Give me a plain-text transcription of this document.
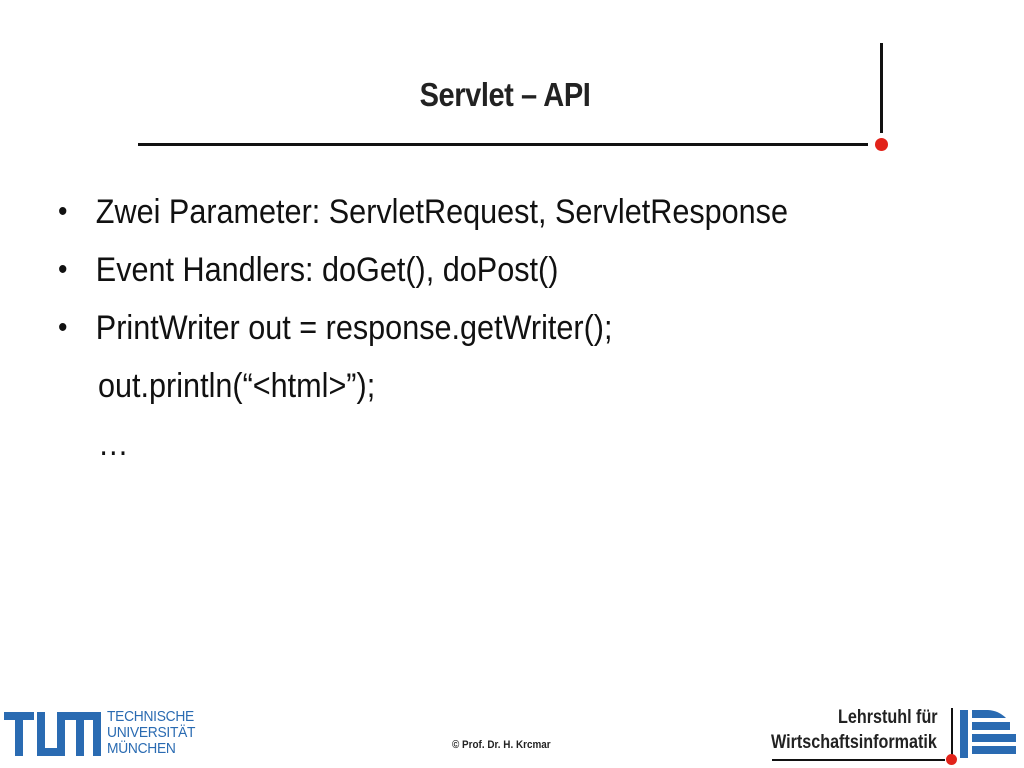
Servlet – API
• Zwei Parameter: ServletRequest, ServletResponse
• Event Handlers: doGet(), doPost()
• PrintWriter out = response.getWriter();
out.println(“<html>”);
…
TECHNISCHE
UNIVERSITÄT
MÜNCHEN	© Prof. Dr. H. Krcmar
Lehrstuhl für
Wirtschaftsinformatik
